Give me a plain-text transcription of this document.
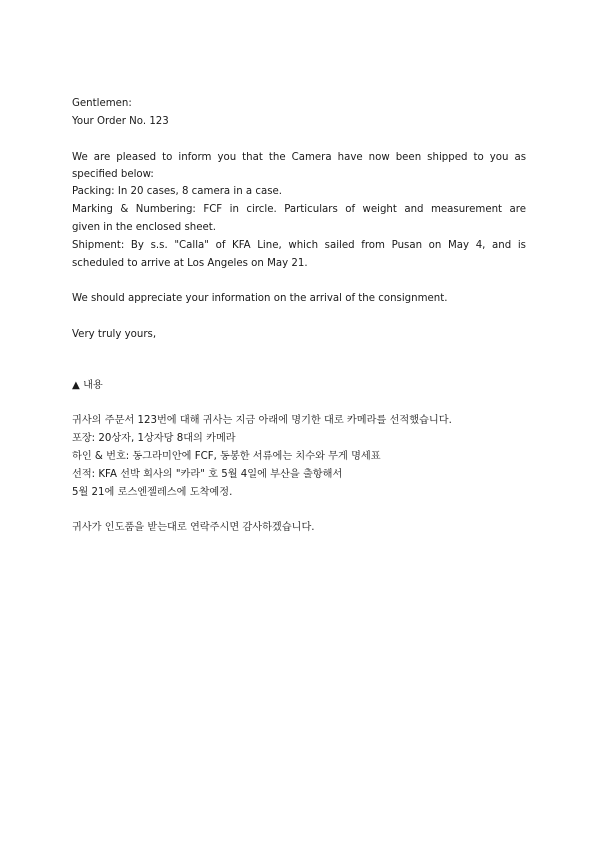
Gentlemen:
Your Order No. 123
We are pleased to inform you that the Camera have now been shipped to you as
specified below:
Packing: In 20 cases, 8 camera in a case.
Marking & Numbering: FCF in circle. Particulars of weight and measurement are
given in the enclosed sheet.
Shipment: By s.s. "Calla" of KFA Line, which sailed from Pusan on May 4, and is
scheduled to arrive at Los Angeles on May 21.
We should appreciate your information on the arrival of the consignment.
Very truly yours,
▲ 내용
귀사의 주문서 123번에 대해 귀사는 지금 아래에 명기한 대로 카메라를 선적했습니다.
포장: 20상자, 1상자당 8대의 카메라
하인 & 번호: 동그라미안에 FCF, 동봉한 서류에는 치수와 무게 명세표
선적: KFA 선박 회사의 "카라" 호 5월 4일에 부산을 출항해서
5월 21에 로스엔젤레스에 도착예정.
귀사가 인도품을 받는대로 연락주시면 감사하겠습니다.
